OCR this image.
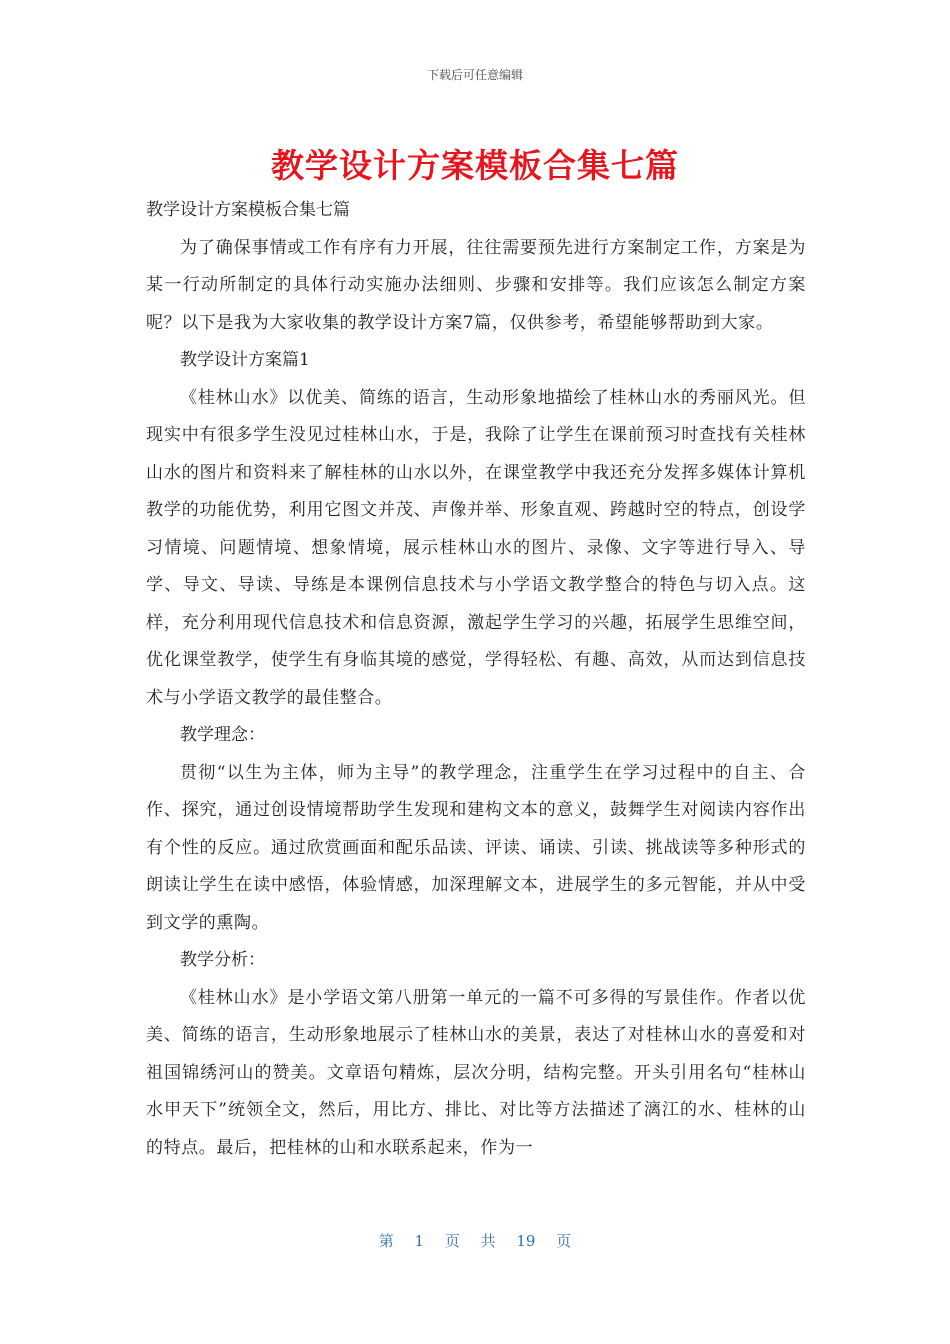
下载后可任意编辑
教学设计方案模板合集七篇

教学设计方案模板合集七篇

为了确保事情或工作有序有力开展，往往需要预先进行方案制定工作，方案是为某一行动所制定的具体行动实施办法细则、步骤和安排等。我们应该怎么制定方案呢？以下是我为大家收集的教学设计方案7篇，仅供参考，希望能够帮助到大家。

教学设计方案篇1

《桂林山水》以优美、简练的语言，生动形象地描绘了桂林山水的秀丽风光。但现实中有很多学生没见过桂林山水，于是，我除了让学生在课前预习时查找有关桂林山水的图片和资料来了解桂林的山水以外，在课堂教学中我还充分发挥多媒体计算机教学的功能优势，利用它图文并茂、声像并举、形象直观、跨越时空的特点，创设学习情境、问题情境、想象情境，展示桂林山水的图片、录像、文字等进行导入、导学、导文、导读、导练是本课例信息技术与小学语文教学整合的特色与切入点。这样，充分利用现代信息技术和信息资源，激起学生学习的兴趣，拓展学生思维空间，优化课堂教学，使学生有身临其境的感觉，学得轻松、有趣、高效，从而达到信息技术与小学语文教学的最佳整合。

教学理念：

贯彻“以生为主体，师为主导”的教学理念，注重学生在学习过程中的自主、合作、探究，通过创设情境帮助学生发现和建构文本的意义，鼓舞学生对阅读内容作出有个性的反应。通过欣赏画面和配乐品读、评读、诵读、引读、挑战读等多种形式的朗读让学生在读中感悟，体验情感，加深理解文本，进展学生的多元智能，并从中受到文学的熏陶。

教学分析：

《桂林山水》是小学语文第八册第一单元的一篇不可多得的写景佳作。作者以优美、简练的语言，生动形象地展示了桂林山水的美景，表达了对桂林山水的喜爱和对祖国锦绣河山的赞美。文章语句精炼，层次分明，结构完整。开头引用名句“桂林山水甲天下”统领全文，然后，用比方、排比、对比等方法描述了漓江的水、桂林的山的特点。最后，把桂林的山和水联系起来，作为一

第 1 页 共 19 页
